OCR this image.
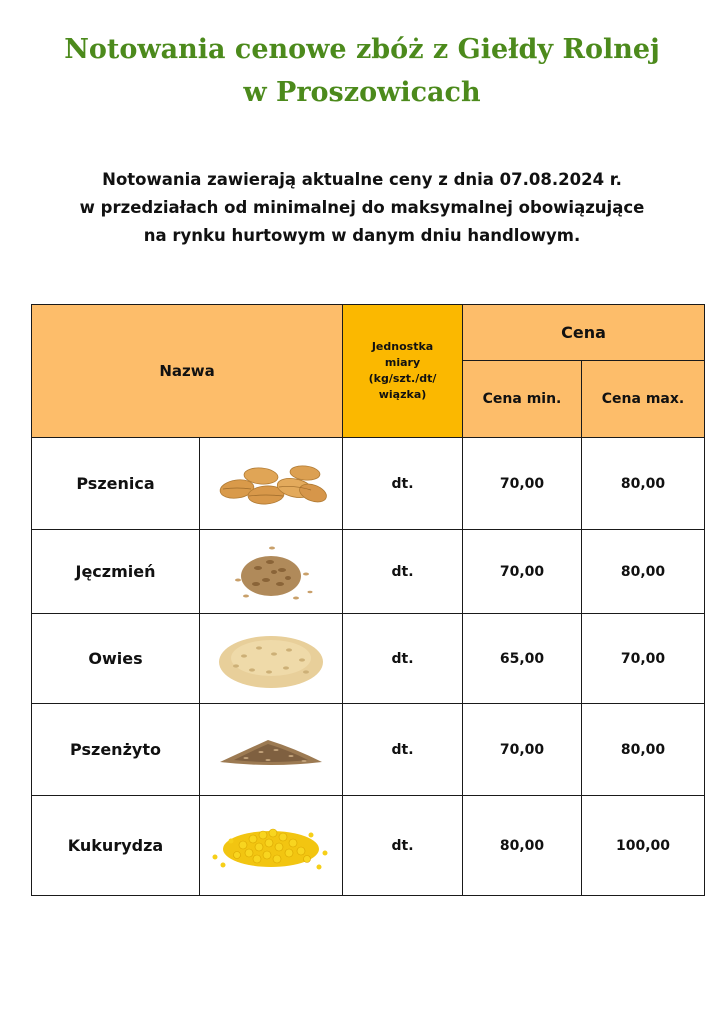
Notowania cenowe zbóż z Giełdy Rolnej
w Proszowicach

Notowania zawierają aktualne ceny z dnia 07.08.2024 r.
w przedziałach od minimalnej do maksymalnej obowiązujące
na rynku hurtowym w danym dniu handlowym.

Nazwa		Jednostka miary (kg/szt./dt/ wiązka)	Cena	
			Cena min.	Cena max.
Pszenica		dt.	70,00	80,00
Jęczmień		dt.	70,00	80,00
Owies		dt.	65,00	70,00
Pszenżyto		dt.	70,00	80,00
Kukurydza		dt.	80,00	100,00
